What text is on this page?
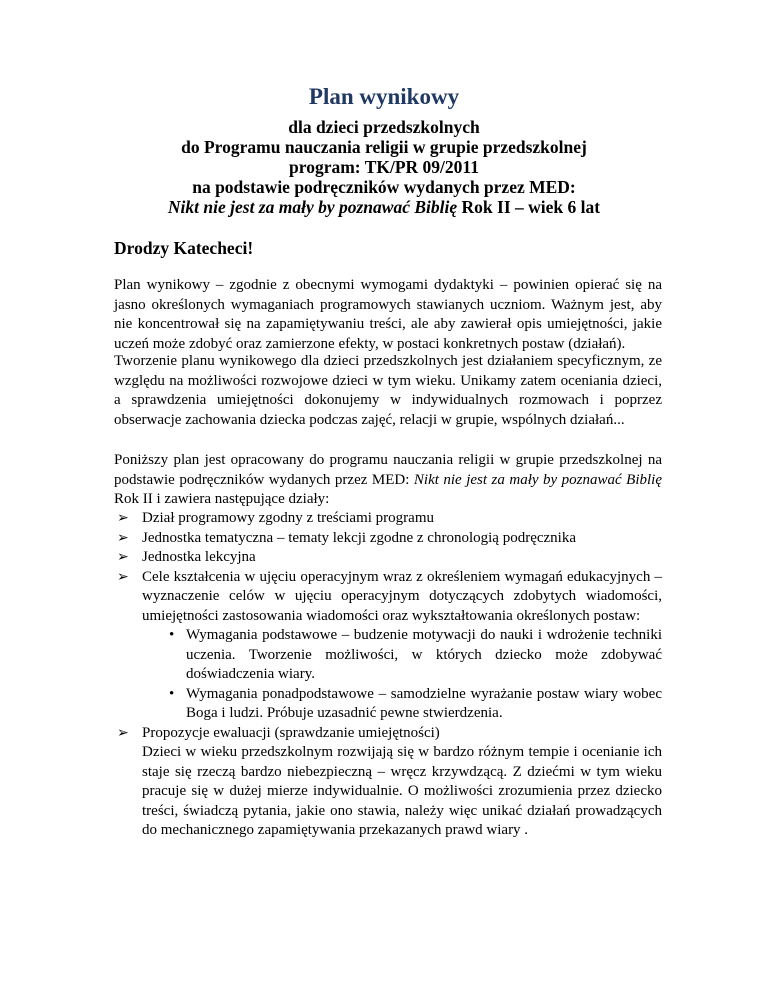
Plan wynikowy

dla dzieci przedszkolnych

do Programu nauczania religii w grupie przedszkolnej

program: TK/PR 09/2011

na podstawie podręczników wydanych przez MED:

Nikt nie jest za mały by poznawać Biblię Rok II – wiek 6 lat

Drodzy Katecheci!

Plan wynikowy – zgodnie z obecnymi wymogami dydaktyki – powinien opierać się na jasno określonych wymaganiach programowych stawianych uczniom. Ważnym jest, aby nie koncentrował się na zapamiętywaniu treści, ale aby zawierał opis umiejętności, jakie uczeń może zdobyć oraz zamierzone efekty, w postaci konkretnych postaw (działań).

Tworzenie planu wynikowego dla dzieci przedszkolnych jest działaniem specyficznym, ze względu na możliwości rozwojowe dzieci w tym wieku. Unikamy zatem oceniania dzieci, a sprawdzenia umiejętności dokonujemy w indywidualnych rozmowach i poprzez obserwacje zachowania dziecka podczas zajęć, relacji w grupie, wspólnych działań...

Poniższy plan jest opracowany do programu nauczania religii w grupie przedszkolnej na podstawie podręczników wydanych przez MED: Nikt nie jest za mały by poznawać Biblię Rok II i zawiera następujące działy:

➢ Dział programowy zgodny z treściami programu
➢ Jednostka tematyczna – tematy lekcji zgodne z chronologią podręcznika
➢ Jednostka lekcyjna
➢ Cele kształcenia w ujęciu operacyjnym wraz z określeniem wymagań edukacyjnych – wyznaczenie celów w ujęciu operacyjnym dotyczących zdobytych wiadomości, umiejętności zastosowania wiadomości oraz wykształtowania określonych postaw:
• Wymagania podstawowe – budzenie motywacji do nauki i wdrożenie techniki uczenia. Tworzenie możliwości, w których dziecko może zdobywać doświadczenia wiary.
• Wymagania ponadpodstawowe – samodzielne wyrażanie postaw wiary wobec Boga i ludzi. Próbuje uzasadnić pewne stwierdzenia.
➢ Propozycje ewaluacji (sprawdzanie umiejętności)
Dzieci w wieku przedszkolnym rozwijają się w bardzo różnym tempie i ocenianie ich staje się rzeczą bardzo niebezpieczną – wręcz krzywdzącą. Z dziećmi w tym wieku pracuje się w dużej mierze indywidualnie. O możliwości zrozumienia przez dziecko treści, świadczą pytania, jakie ono stawia, należy więc unikać działań prowadzących do mechanicznego zapamiętywania przekazanych prawd wiary .
